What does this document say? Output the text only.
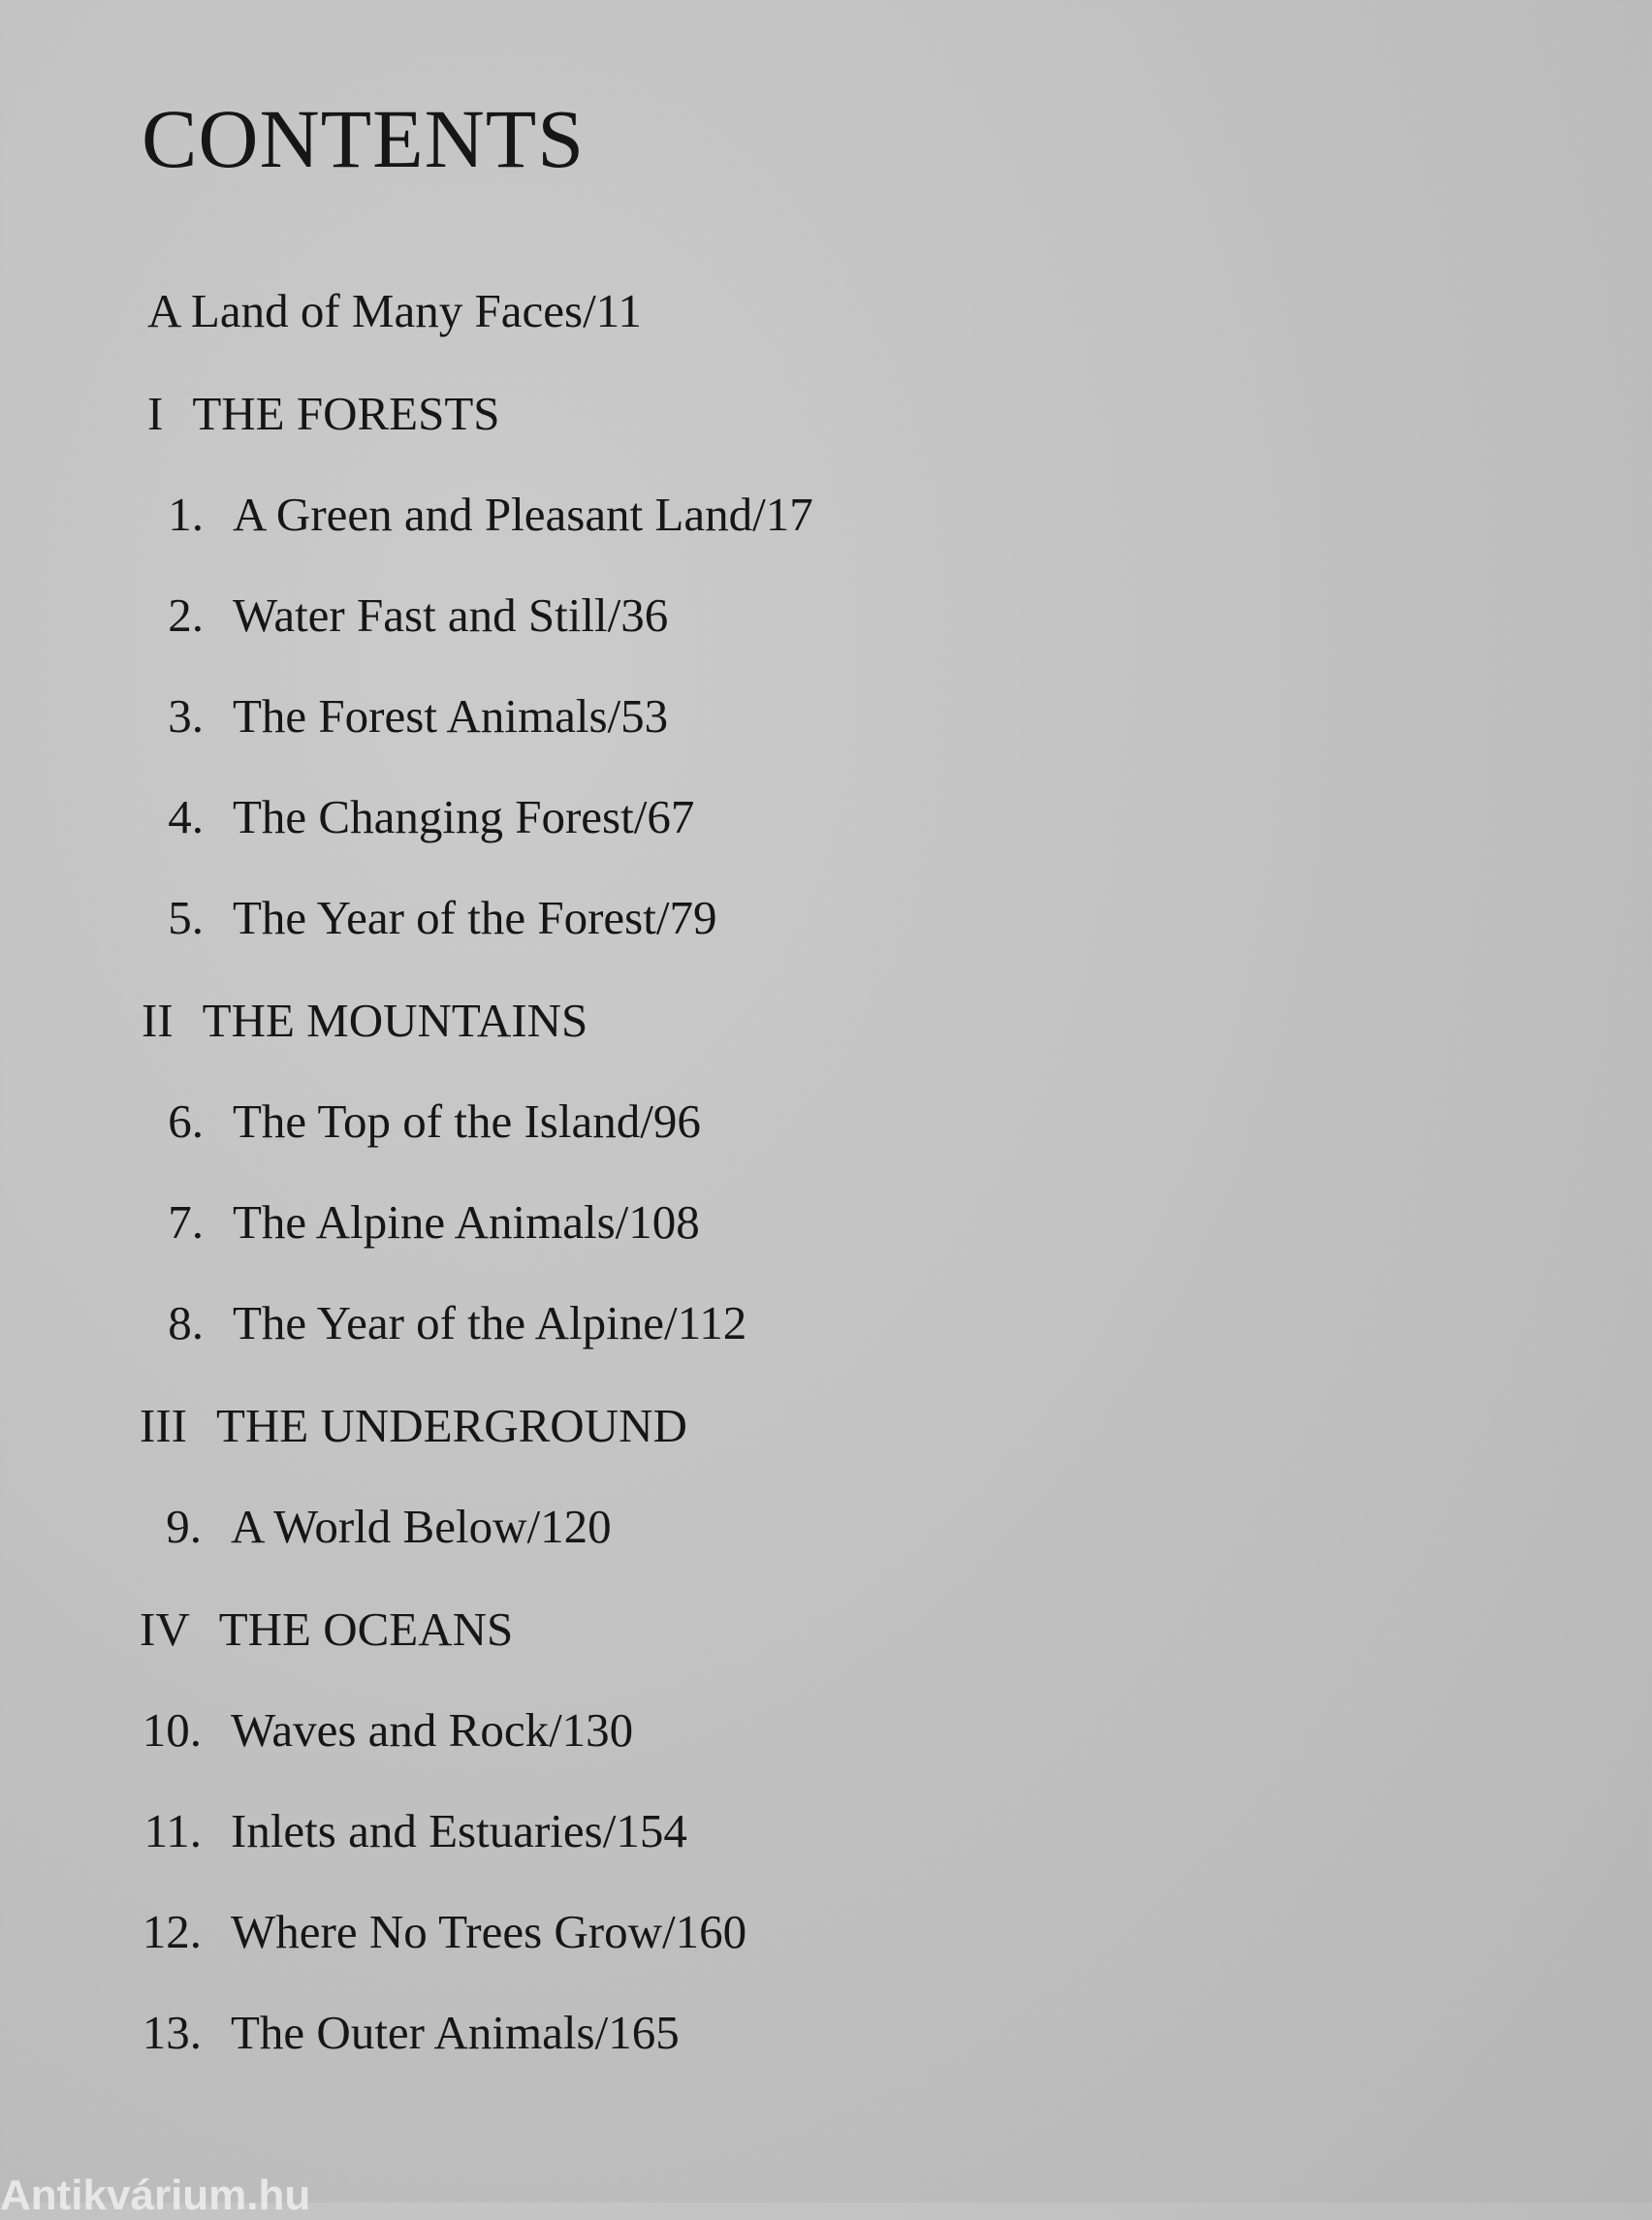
CONTENTS
A Land of Many Faces/11
I THE FORESTS
1. A Green and Pleasant Land/17
2. Water Fast and Still/36
3. The Forest Animals/53
4. The Changing Forest/67
5. The Year of the Forest/79
II THE MOUNTAINS
6. The Top of the Island/96
7. The Alpine Animals/108
8. The Year of the Alpine/112
III THE UNDERGROUND
9. A World Below/120
IV THE OCEANS
10. Waves and Rock/130
11. Inlets and Estuaries/154
12. Where No Trees Grow/160
13. The Outer Animals/165
Antikvárium.hu
